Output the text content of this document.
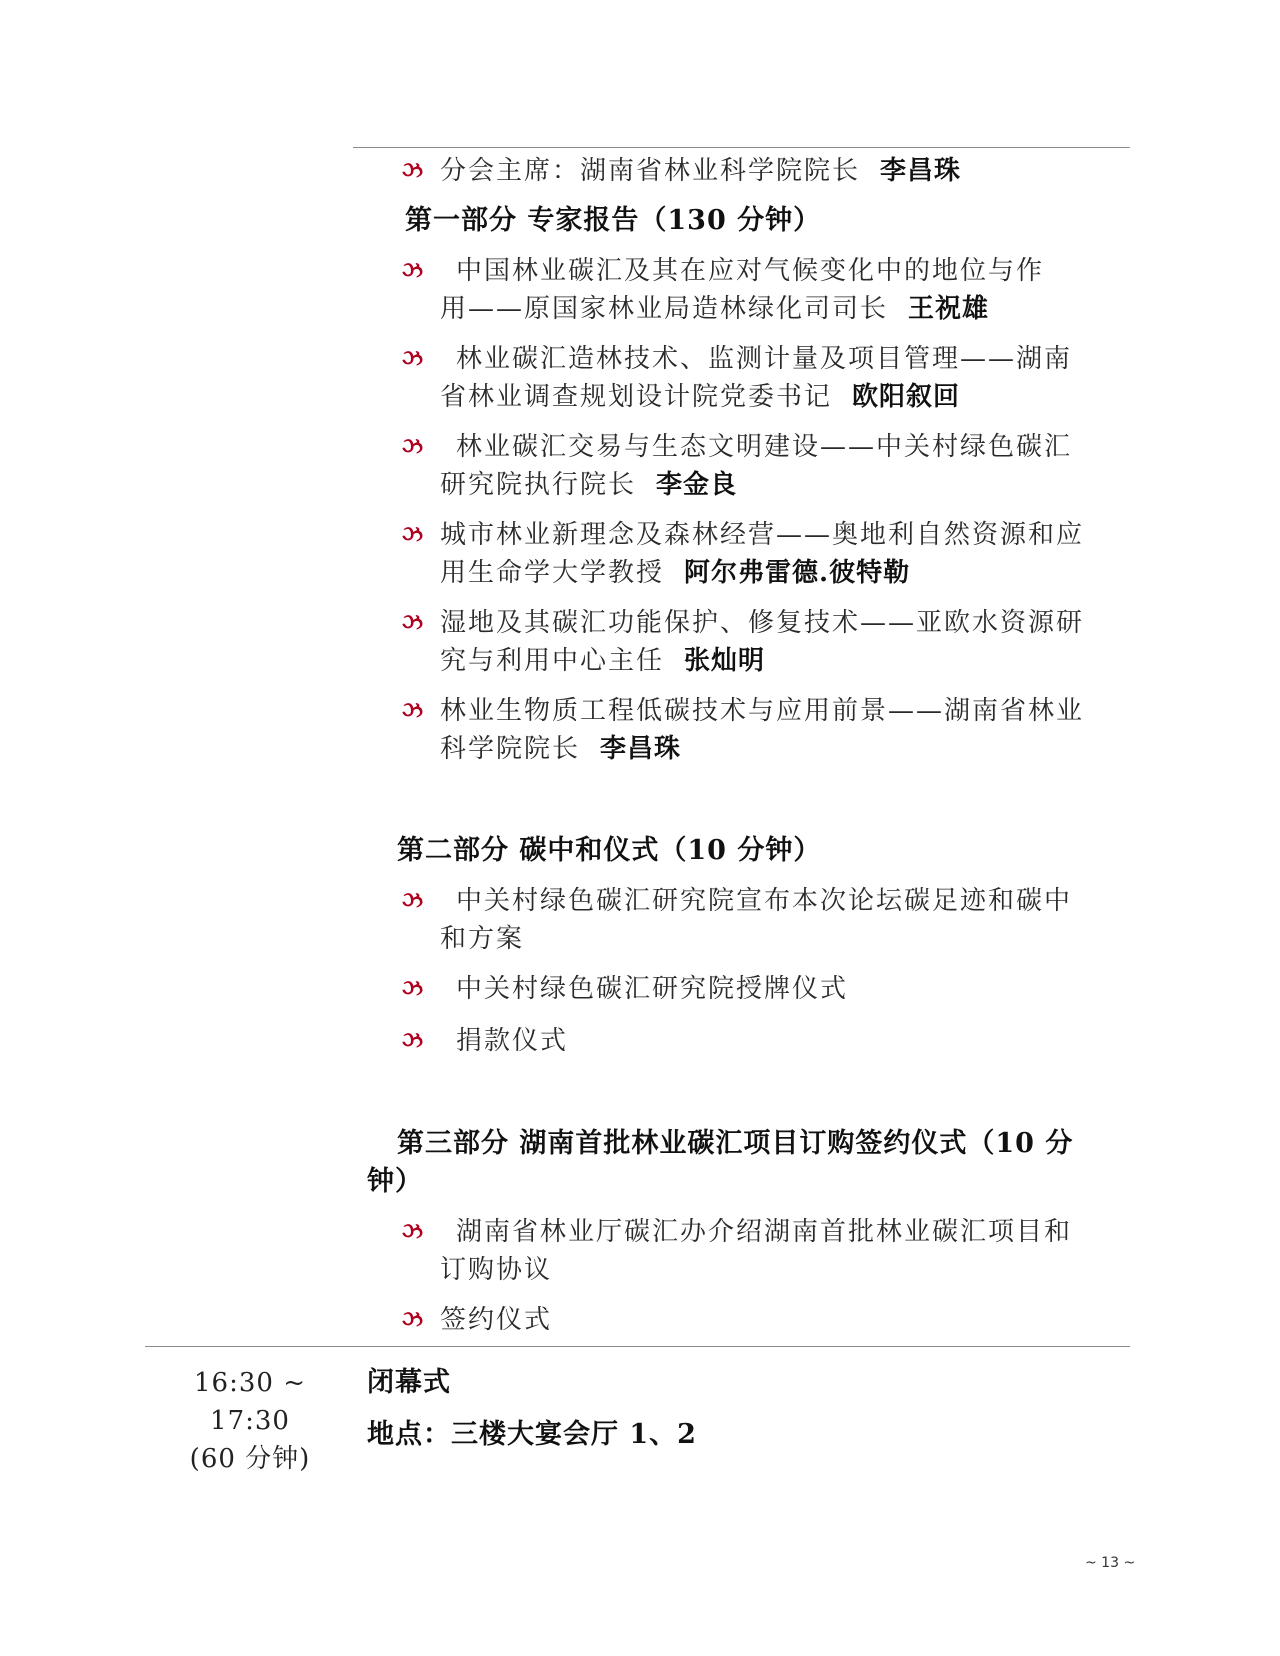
ઝ 分会主席：湖南省林业科学院院长 李昌珠
第一部分 专家报告（130 分钟）
ઝ 中国林业碳汇及其在应对气候变化中的地位与作
用——原国家林业局造林绿化司司长 王祝雄
ઝ 林业碳汇造林技术、监测计量及项目管理——湖南
省林业调查规划设计院党委书记 欧阳叙回
ઝ 林业碳汇交易与生态文明建设——中关村绿色碳汇
研究院执行院长 李金良
ઝ 城市林业新理念及森林经营——奥地利自然资源和应
用生命学大学教授 阿尔弗雷德.彼特勒
ઝ 湿地及其碳汇功能保护、修复技术——亚欧水资源研
究与利用中心主任 张灿明
ઝ 林业生物质工程低碳技术与应用前景——湖南省林业
科学院院长 李昌珠
第二部分 碳中和仪式（10 分钟）
ઝ 中关村绿色碳汇研究院宣布本次论坛碳足迹和碳中
和方案
ઝ 中关村绿色碳汇研究院授牌仪式
ઝ 捐款仪式
第三部分 湖南首批林业碳汇项目订购签约仪式（10 分
钟）
ઝ 湖南省林业厅碳汇办介绍湖南首批林业碳汇项目和
订购协议
ઝ 签约仪式
16:30 ~
17:30
(60 分钟)
闭幕式
地点：三楼大宴会厅 1、2
~ 13 ~
